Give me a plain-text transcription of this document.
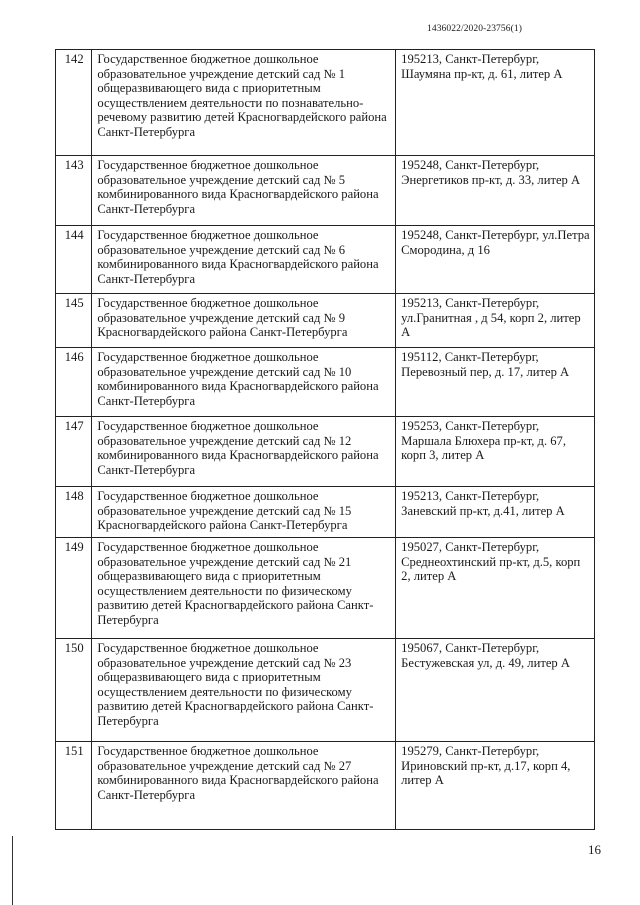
1436022/2020-23756(1)
142	Государственное бюджетное дошкольное образовательное учреждение детский сад № 1 общеразвивающего вида с приоритетным осуществлением деятельности по познавательно-речевому развитию детей Красногвардейского района Санкт-Петербурга	195213, Санкт-Петербург, Шаумяна пр-кт, д. 61, литер А
143	Государственное бюджетное дошкольное образовательное учреждение детский сад № 5 комбинированного вида Красногвардейского района Санкт-Петербурга	195248, Санкт-Петербург, Энергетиков пр-кт, д. 33, литер А
144	Государственное бюджетное дошкольное образовательное учреждение детский сад № 6 комбинированного вида Красногвардейского района Санкт-Петербурга	195248, Санкт-Петербург, ул.Петра Смородина, д 16
145	Государственное бюджетное дошкольное образовательное учреждение детский сад № 9 Красногвардейского района Санкт-Петербурга	195213, Санкт-Петербург, ул.Гранитная , д 54, корп 2, литер А
146	Государственное бюджетное дошкольное образовательное учреждение детский сад № 10 комбинированного вида Красногвардейского района Санкт-Петербурга	195112, Санкт-Петербург, Перевозный пер, д. 17, литер А
147	Государственное бюджетное дошкольное образовательное учреждение детский сад № 12 комбинированного вида Красногвардейского района Санкт-Петербурга	195253, Санкт-Петербург, Маршала Блюхера пр-кт, д. 67, корп 3, литер А
148	Государственное бюджетное дошкольное образовательное учреждение детский сад № 15 Красногвардейского района Санкт-Петербурга	195213, Санкт-Петербург, Заневский пр-кт, д.41, литер А
149	Государственное бюджетное дошкольное образовательное учреждение детский сад № 21 общеразвивающего вида с приоритетным осуществлением деятельности по физическому развитию детей Красногвардейского района Санкт-Петербурга	195027, Санкт-Петербург, Среднеохтинский пр-кт, д.5, корп 2, литер А
150	Государственное бюджетное дошкольное образовательное учреждение детский сад № 23 общеразвивающего вида с приоритетным осуществлением деятельности по физическому развитию детей Красногвардейского района Санкт-Петербурга	195067, Санкт-Петербург, Бестужевская ул, д. 49, литер А
151	Государственное бюджетное дошкольное образовательное учреждение детский сад № 27 комбинированного вида Красногвардейского района Санкт-Петербурга	195279, Санкт-Петербург, Ириновский пр-кт, д.17, корп 4, литер А
16
